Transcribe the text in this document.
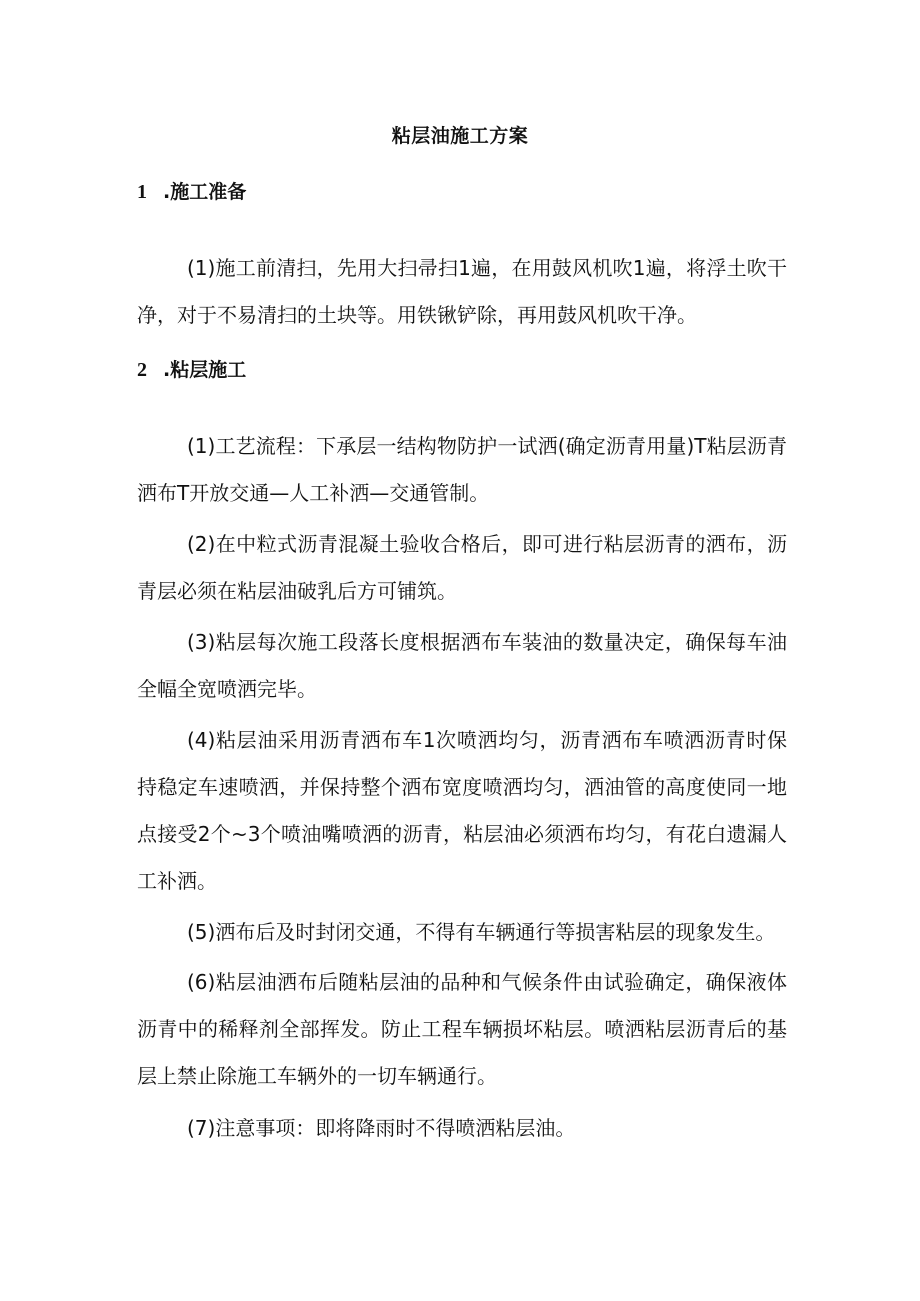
粘层油施工方案
1 .施工准备

(1)施工前清扫，先用大扫帚扫1遍，在用鼓风机吹1遍，将浮土吹干净，对于不易清扫的土块等。用铁锹铲除，再用鼓风机吹干净。

2 .粘层施工

(1)工艺流程：下承层一结构物防护一试洒(确定沥青用量)T粘层沥青洒布T开放交通—人工补洒—交通管制。

(2)在中粒式沥青混凝土验收合格后，即可进行粘层沥青的洒布，沥青层必须在粘层油破乳后方可铺筑。

(3)粘层每次施工段落长度根据洒布车装油的数量决定，确保每车油全幅全宽喷洒完毕。

(4)粘层油采用沥青洒布车1次喷洒均匀，沥青洒布车喷洒沥青时保持稳定车速喷洒，并保持整个洒布宽度喷洒均匀，洒油管的高度使同一地点接受2个~3个喷油嘴喷洒的沥青，粘层油必须洒布均匀，有花白遗漏人工补洒。

(5)洒布后及时封闭交通，不得有车辆通行等损害粘层的现象发生。

(6)粘层油洒布后随粘层油的品种和气候条件由试验确定，确保液体沥青中的稀释剂全部挥发。防止工程车辆损坏粘层。喷洒粘层沥青后的基层上禁止除施工车辆外的一切车辆通行。

(7)注意事项：即将降雨时不得喷洒粘层油。
